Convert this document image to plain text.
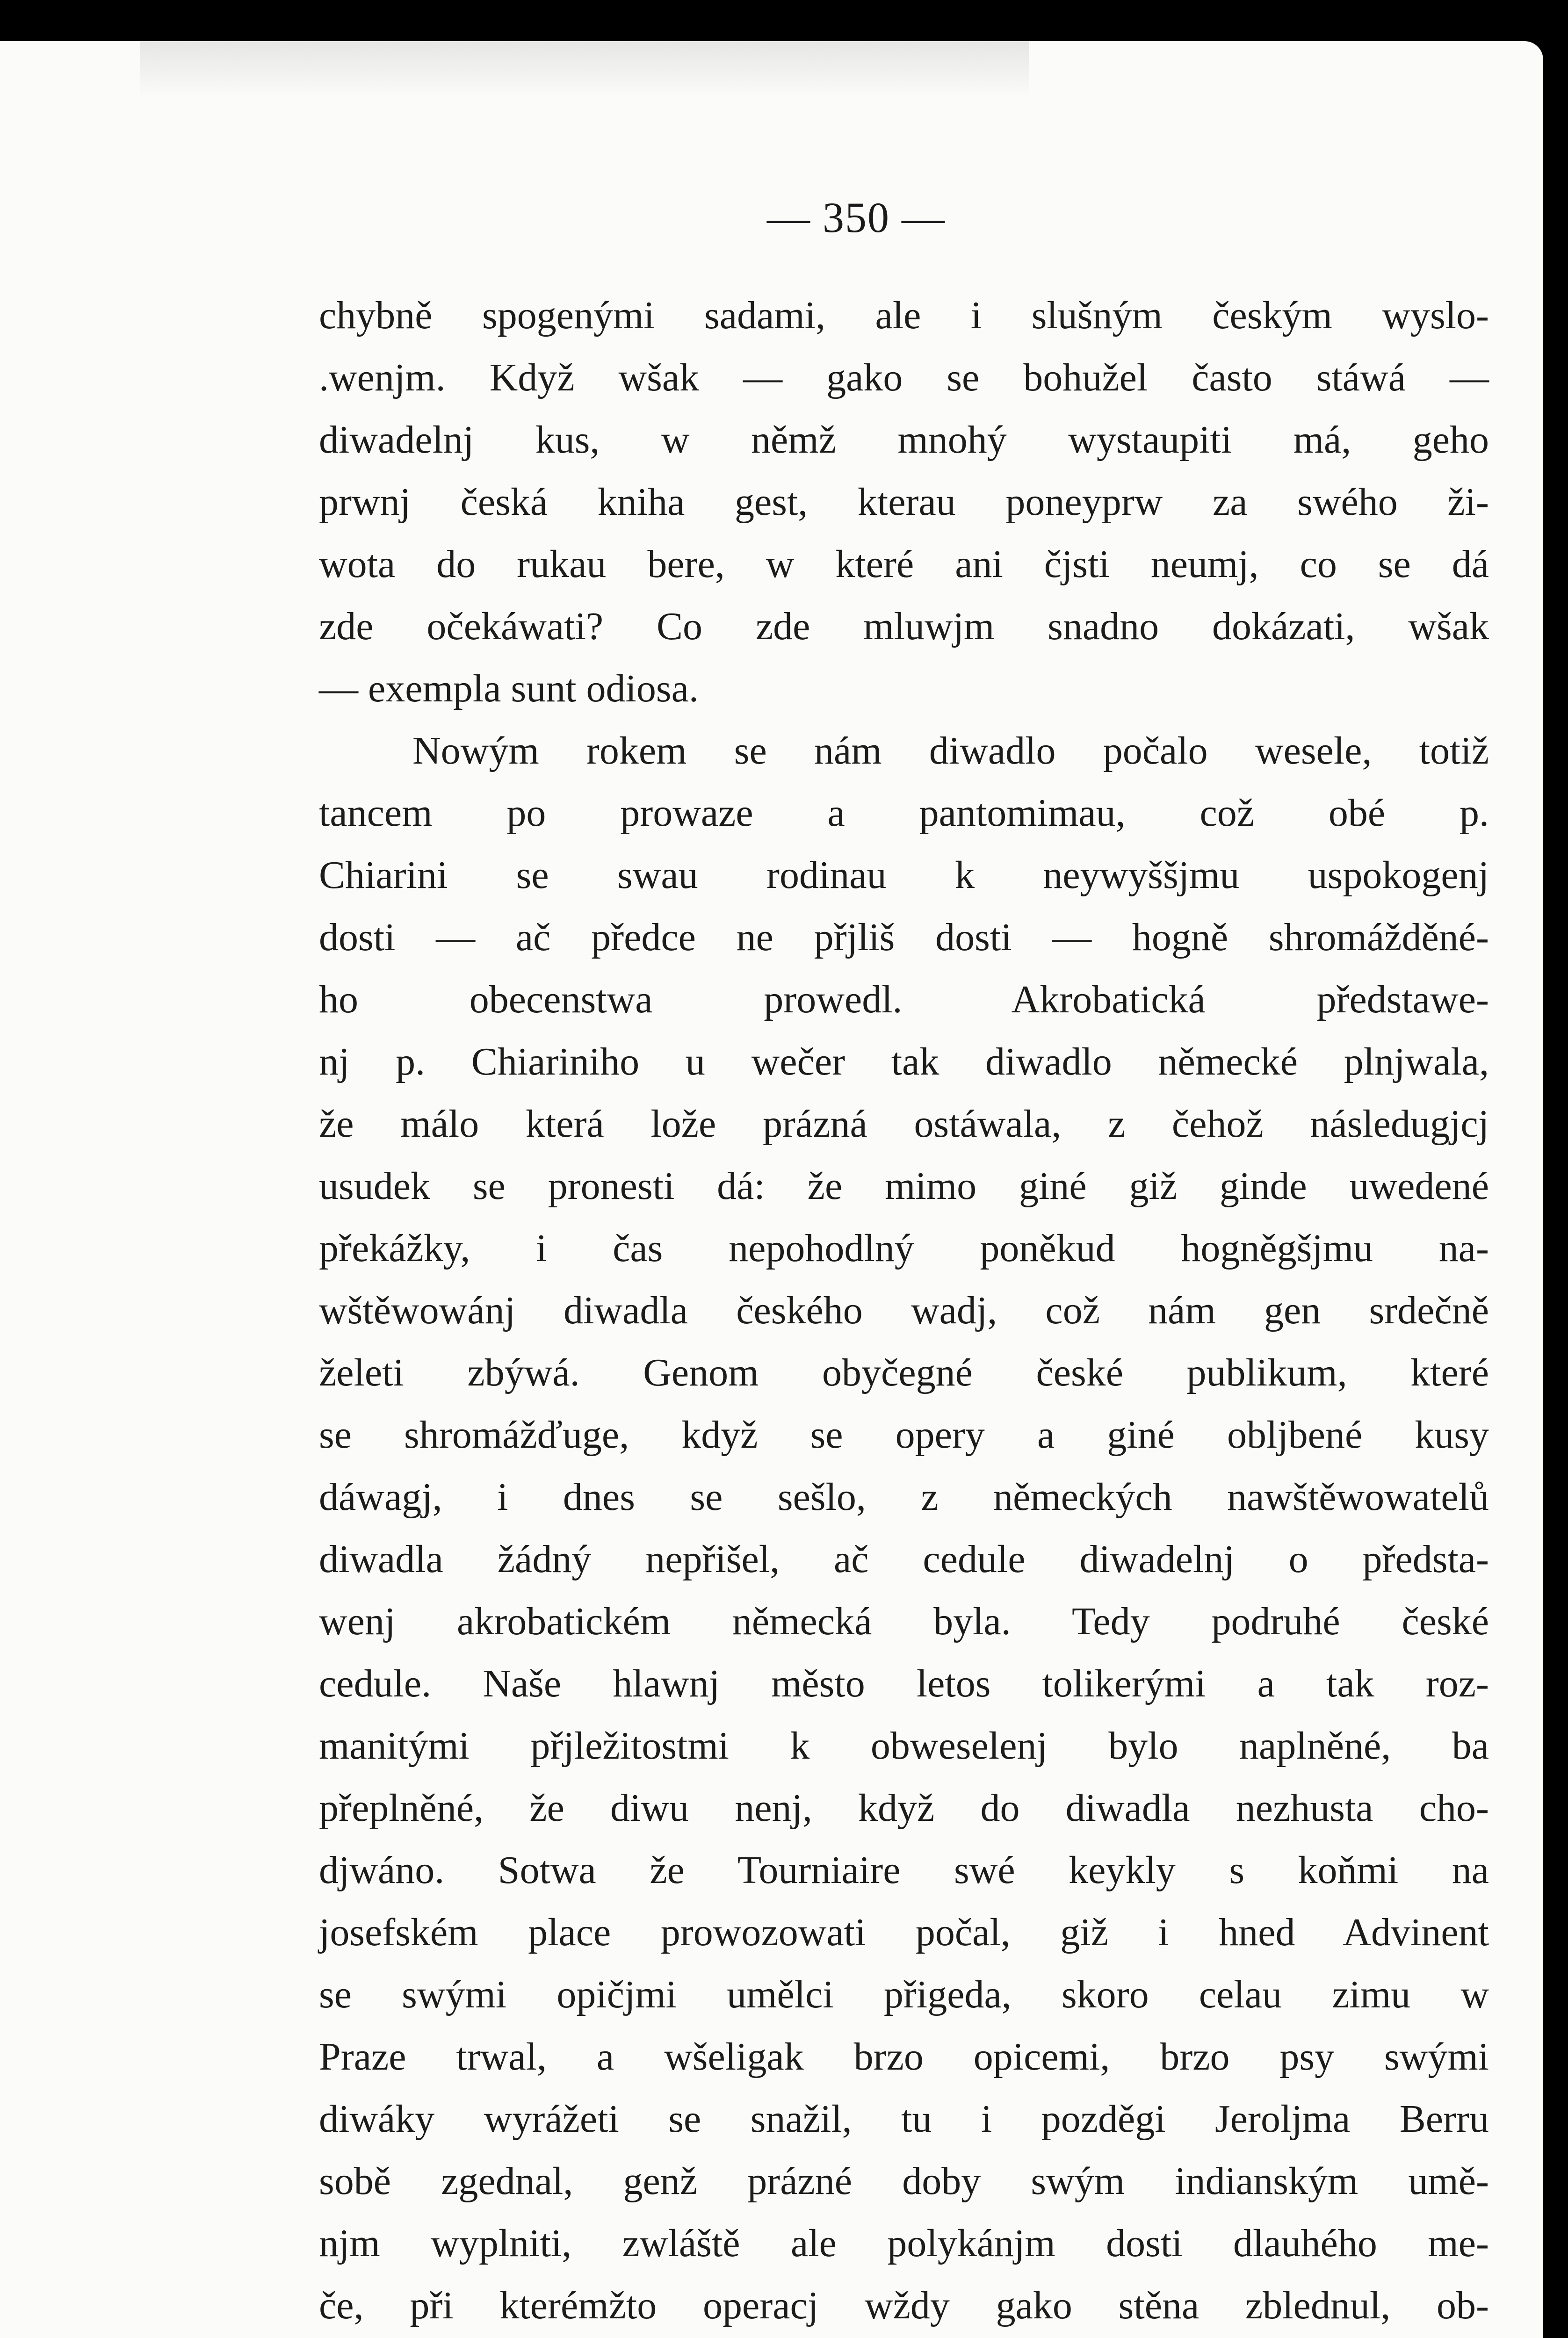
— 350 —
chybně spogenými sadami, ale i slušným českým wyslo-
.wenjm. Když wšak — gako se bohužel často stáwá —
diwadelnj kus, w němž mnohý wystaupiti má, geho
prwnj česká kniha gest, kterau poneyprw za swého ži-
wota do rukau bere, w které ani čjsti neumj, co se dá
zde očekáwati? Co zde mluwjm snadno dokázati, wšak
— exempla sunt odiosa.
Nowým rokem se nám diwadlo počalo wesele, totiž
tancem po prowaze a pantomimau, což obé p.
Chiarini se swau rodinau k neywyššjmu uspokogenj
dosti — ač předce ne přjliš dosti — hogně shromážděné-
ho obecenstwa prowedl. Akrobatická předstawe-
nj p. Chiariniho u wečer tak diwadlo německé plnjwala,
že málo která lože prázná ostáwala, z čehož následugjcj
usudek se pronesti dá: že mimo giné giž ginde uwedené
překážky, i čas nepohodlný poněkud hogněgšjmu na-
wštěwowánj diwadla českého wadj, což nám gen srdečně
želeti zbýwá. Genom obyčegné české publikum, které
se shromážďuge, když se opery a giné obljbené kusy
dáwagj, i dnes se sešlo, z německých nawštěwowatelů
diwadla žádný nepřišel, ač cedule diwadelnj o předsta-
wenj akrobatickém německá byla. Tedy podruhé české
cedule. Naše hlawnj město letos tolikerými a tak roz-
manitými přjležitostmi k obweselenj bylo naplněné, ba
přeplněné, že diwu nenj, když do diwadla nezhusta cho-
djwáno. Sotwa že Tourniaire swé keykly s koňmi na
josefském place prowozowati počal, giž i hned Advinent
se swými opičjmi umělci přigeda, skoro celau zimu w
Praze trwal, a wšeligak brzo opicemi, brzo psy swými
diwáky wyrážeti se snažil, tu i pozděgi Jeroljma Berru
sobě zgednal, genž prázné doby swým indianským umě-
njm wyplniti, zwláště ale polykánjm dosti dlauhého me-
če, při kterémžto operacj wždy gako stěna zblednul, ob-
